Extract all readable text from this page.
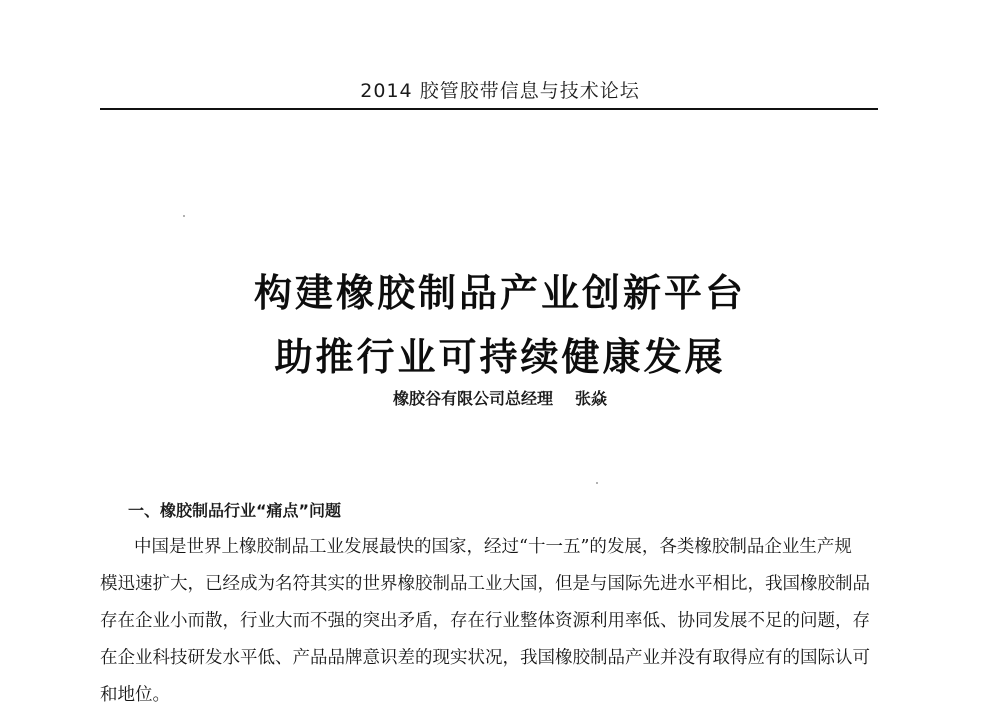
2014 胶管胶带信息与技术论坛
构建橡胶制品产业创新平台
助推行业可持续健康发展
橡胶谷有限公司总经理 张焱
一、橡胶制品行业“痛点”问题
中国是世界上橡胶制品工业发展最快的国家，经过“十一五”的发展，各类橡胶制品企业生产规
模迅速扩大，已经成为名符其实的世界橡胶制品工业大国，但是与国际先进水平相比，我国橡胶制品
存在企业小而散，行业大而不强的突出矛盾，存在行业整体资源利用率低、协同发展不足的问题，存
在企业科技研发水平低、产品品牌意识差的现实状况，我国橡胶制品产业并没有取得应有的国际认可
和地位。
